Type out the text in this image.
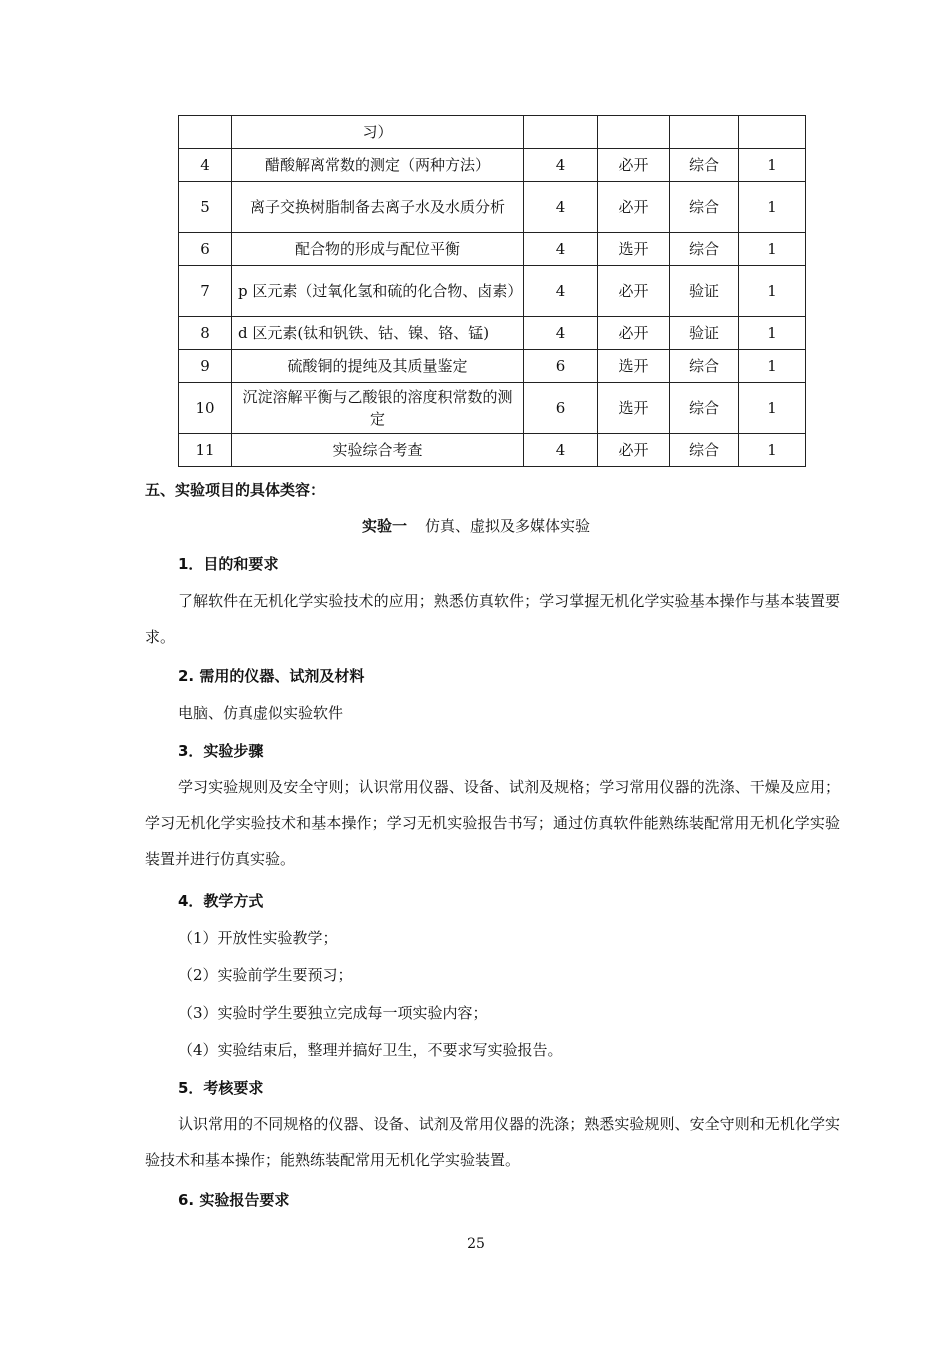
	习）				
4	醋酸解离常数的测定（两种方法）	4	必开	综合	1
5	离子交换树脂制备去离子水及水质分析	4	必开	综合	1
6	配合物的形成与配位平衡	4	选开	综合	1
7	p 区元素（过氧化氢和硫的化合物、卤素）	4	必开	验证	1
8	d 区元素(钛和钒铁、钴、镍、铬、锰)	4	必开	验证	1
9	硫酸铜的提纯及其质量鉴定	6	选开	综合	1
10	沉淀溶解平衡与乙酸银的溶度积常数的测定	6	选开	综合	1
11	实验综合考查	4	必开	综合	1
五、实验项目的具体类容：
实验一 仿真、虚拟及多媒体实验
1．目的和要求

了解软件在无机化学实验技术的应用；熟悉仿真软件；学习掌握无机化学实验基本操作与基本装置要求。

2. 需用的仪器、试剂及材料
电脑、仿真虚似实验软件
3．实验步骤

学习实验规则及安全守则；认识常用仪器、设备、试剂及规格；学习常用仪器的洗涤、干燥及应用；学习无机化学实验技术和基本操作；学习无机实验报告书写；通过仿真软件能熟练装配常用无机化学实验装置并进行仿真实验。

4．教学方式
（1）开放性实验教学；
（2）实验前学生要预习；
（3）实验时学生要独立完成每一项实验内容；
（4）实验结束后，整理并搞好卫生，不要求写实验报告。
5．考核要求

认识常用的不同规格的仪器、设备、试剂及常用仪器的洗涤；熟悉实验规则、安全守则和无机化学实验技术和基本操作；能熟练装配常用无机化学实验装置。

6. 实验报告要求
25
